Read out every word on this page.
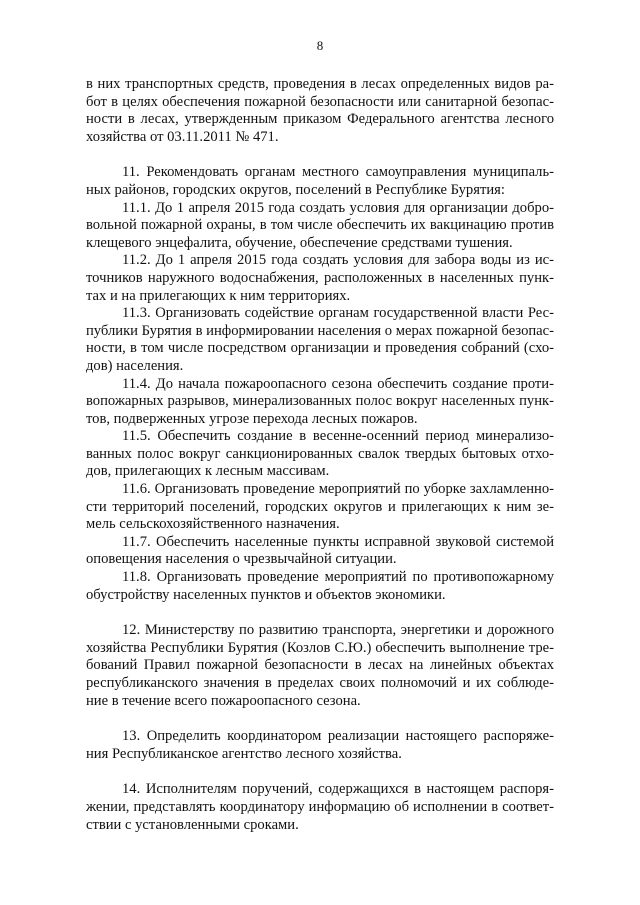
8

в них транспортных средств, проведения в лесах определенных видов работ в целях обеспечения пожарной безопасности или санитарной безопасности в лесах, утвержденным приказом Федерального агентства лесного хозяйства от 03.11.2011 № 471.

11. Рекомендовать органам местного самоуправления муниципальных районов, городских округов, поселений в Республике Бурятия:

11.1. До 1 апреля 2015 года создать условия для организации добровольной пожарной охраны, в том числе обеспечить их вакцинацию против клещевого энцефалита, обучение, обеспечение средствами тушения.

11.2. До 1 апреля 2015 года создать условия для забора воды из источников наружного водоснабжения, расположенных в населенных пунктах и на прилегающих к ним территориях.

11.3. Организовать содействие органам государственной власти Республики Бурятия в информировании населения о мерах пожарной безопасности, в том числе посредством организации и проведения собраний (сходов) населения.

11.4. До начала пожароопасного сезона обеспечить создание противопожарных разрывов, минерализованных полос вокруг населенных пунктов, подверженных угрозе перехода лесных пожаров.

11.5. Обеспечить создание в весенне-осенний период минерализованных полос вокруг санкционированных свалок твердых бытовых отходов, прилегающих к лесным массивам.

11.6. Организовать проведение мероприятий по уборке захламленности территорий поселений, городских округов и прилегающих к ним земель сельскохозяйственного назначения.

11.7. Обеспечить населенные пункты исправной звуковой системой оповещения населения о чрезвычайной ситуации.

11.8. Организовать проведение мероприятий по противопожарному обустройству населенных пунктов и объектов экономики.

12. Министерству по развитию транспорта, энергетики и дорожного хозяйства Республики Бурятия (Козлов С.Ю.) обеспечить выполнение требований Правил пожарной безопасности в лесах на линейных объектах республиканского значения в пределах своих полномочий и их соблюдение в течение всего пожароопасного сезона.

13. Определить координатором реализации настоящего распоряжения Республиканское агентство лесного хозяйства.

14. Исполнителям поручений, содержащихся в настоящем распоряжении, представлять координатору информацию об исполнении в соответствии с установленными сроками.
